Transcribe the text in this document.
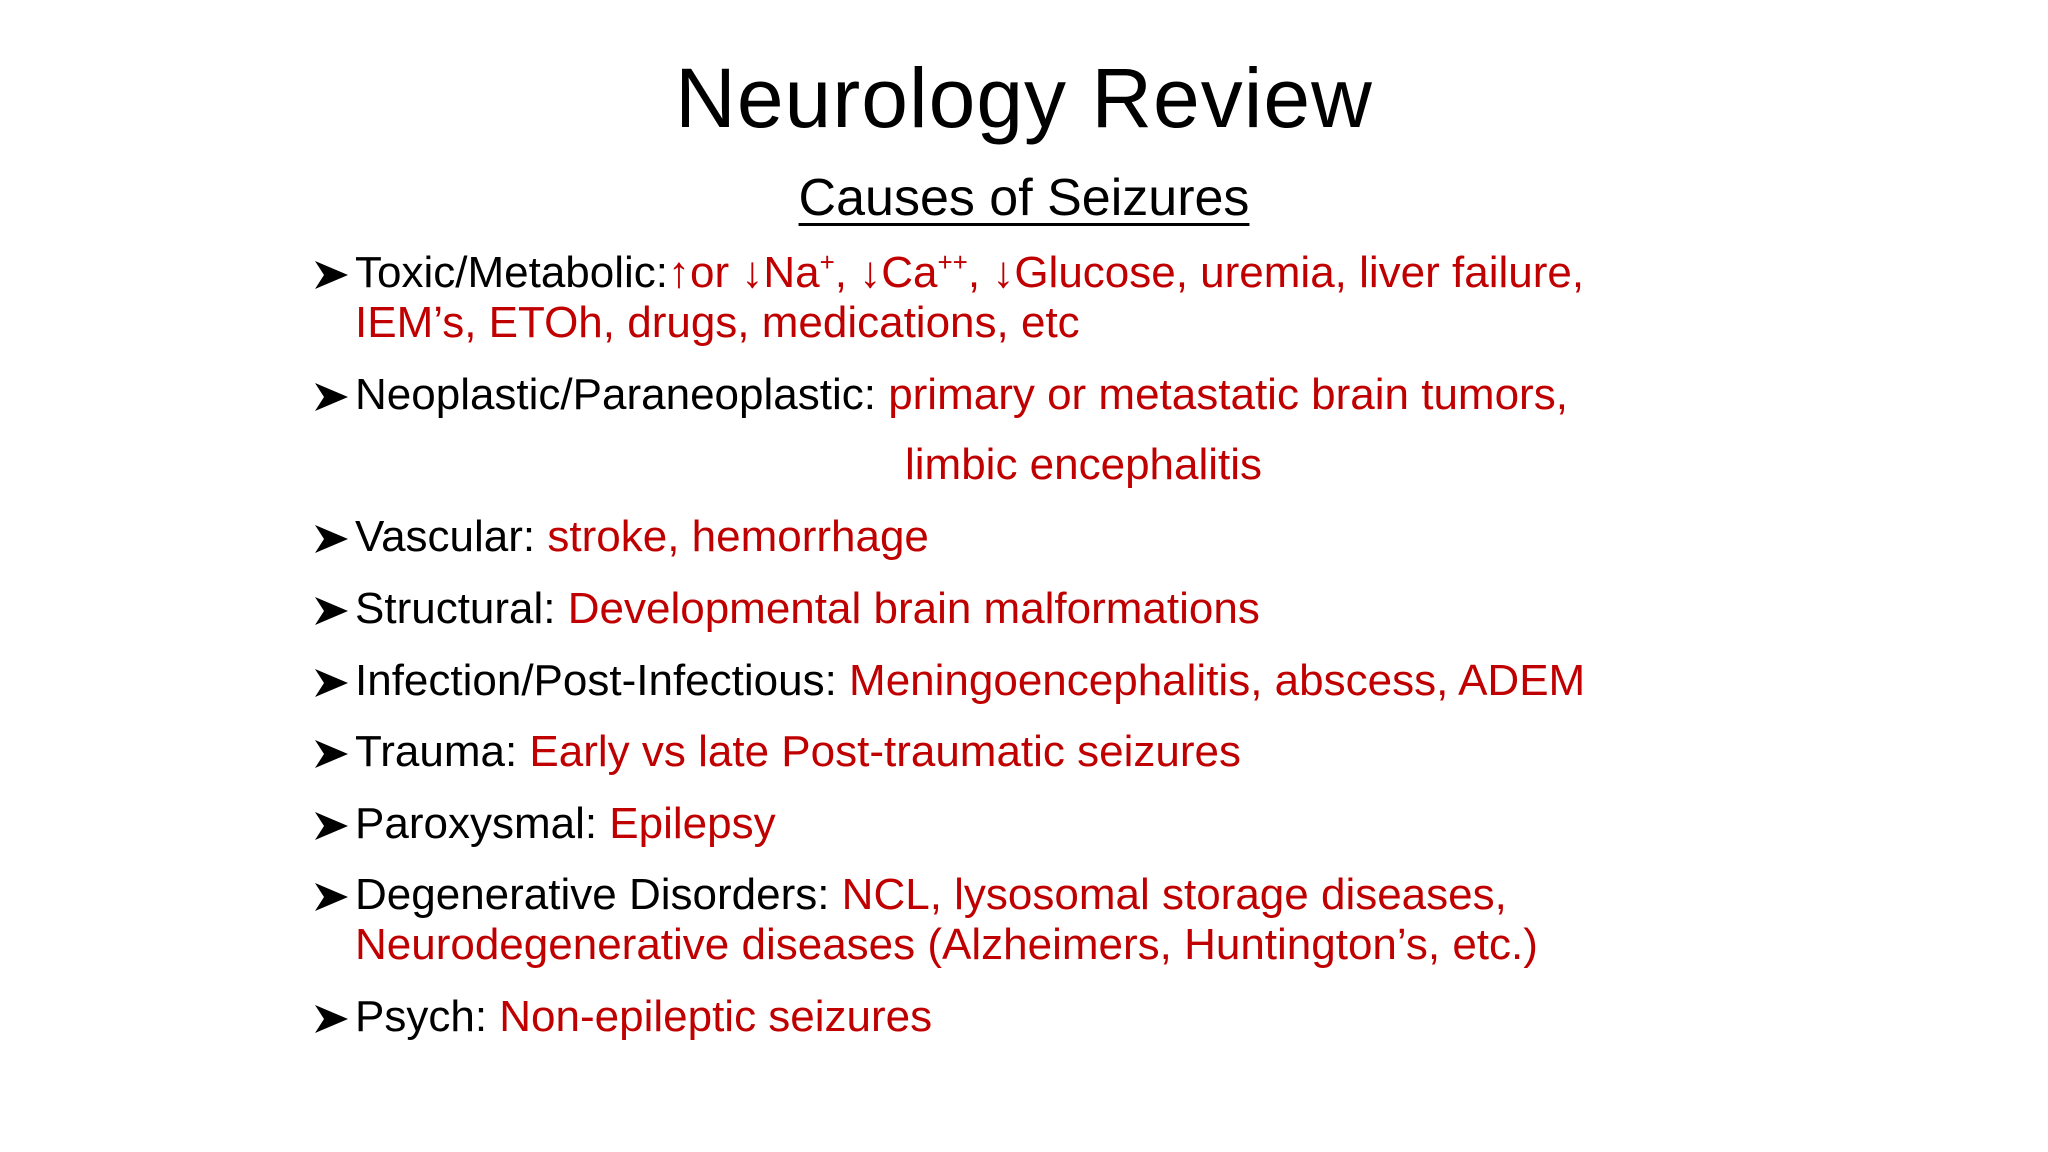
Neurology Review
Causes of Seizures
Toxic/Metabolic:↑or ↓Na+, ↓Ca++, ↓Glucose, uremia, liver failure,
IEM’s, ETOh, drugs, medications, etc
Neoplastic/Paraneoplastic: primary or metastatic brain tumors,
limbic encephalitis
Vascular: stroke, hemorrhage
Structural: Developmental brain malformations
Infection/Post-Infectious: Meningoencephalitis, abscess, ADEM
Trauma: Early vs late Post-traumatic seizures
Paroxysmal: Epilepsy
Degenerative Disorders: NCL, lysosomal storage diseases,
Neurodegenerative diseases (Alzheimers, Huntington’s, etc.)
Psych: Non-epileptic seizures
